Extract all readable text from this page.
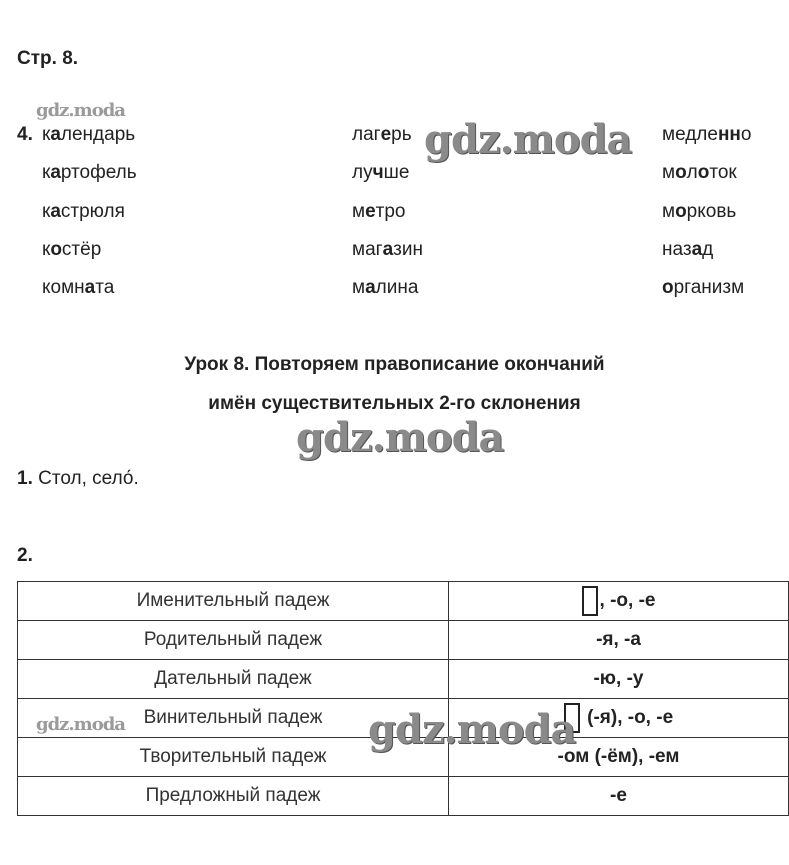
Стр. 8.
4. календарь
картофель
кастрюля
костёр
комната
лагерь
лучше
метро
магазин
малина
медленно
молоток
морковь
назад
организм
Урок 8. Повторяем правописание окончаний
имён существительных 2-го склонения
1. Стол, село́.
2.
Именительный падеж	, -о, -е
Родительный падеж	-я, -а
Дательный падеж	-ю, -у
Винительный падеж	(-я), -о, -е
Творительный падеж	-ом (-ём), -ем
Предложный падеж	-е
gdz.moda
gdz.moda
gdz.moda
gdz.moda	gdz.moda
